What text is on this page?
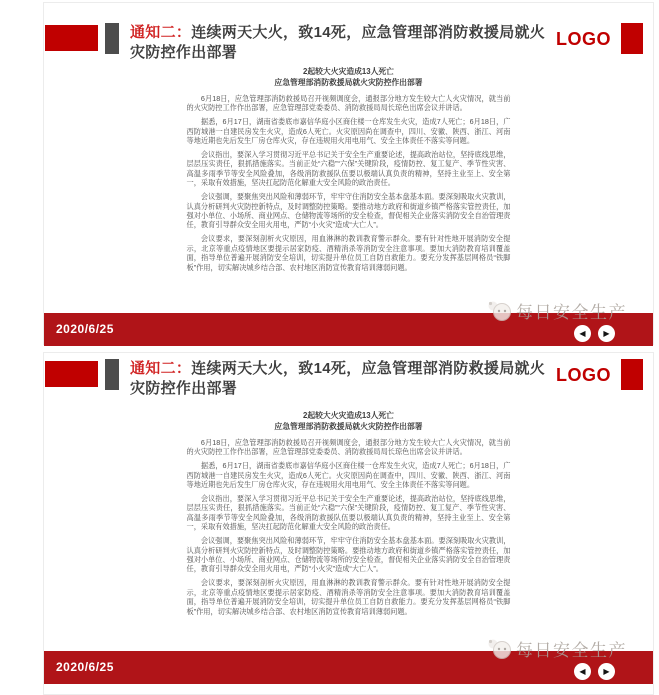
通知二：连续两天大火，致14死，应急管理部消防救援局就火灾防控作出部署
LOGO
2起较大火灾造成13人死亡
应急管理部消防救援局就火灾防控作出部署

6月18日，应急管理部消防救援局召开视频调度会，通报部分地方发生较大亡人火灾情况，就当前的火灾防控工作作出部署，应急管理部党委委员、消防救援局局长琼色出席会议并讲话。

据悉，6月17日，湖南省娄底市嘉信华庭小区商住楼一仓库发生火灾，造成7人死亡；6月18日，广西防城港一自建民房发生火灾，造成6人死亡。火灾原因尚在调查中，四川、安徽、陕西、浙江、河南等地近期也先后发生厂房仓库火灾，存在违规用火用电用气、安全主体责任不落实等问题。

会议指出，要深入学习贯彻习近平总书记关于安全生产重要论述，提高政治站位，坚持底线思维，层层压实责任，狠抓措施落实。当前正处“六稳”“六保”关键阶段，疫情防控、复工复产、季节性灾害、高温多雨季节等安全风险叠加，各级消防救援队伍要以极端认真负责的精神，坚持主业至上、安全第一，采取有效措施，坚决扛起防范化解重大安全风险的政治责任。

会议强调，要聚焦突出风险和薄弱环节，牢牢守住消防安全基本盘基本面。要深刻吸取火灾教训，认真分析研判火灾防控新特点，及时调整防控策略。要推动地方政府和街道乡镇严格落实管控责任，加强对小单位、小场所、商业网点、仓储物流等场所的安全检查，督促相关企业落实消防安全自治管理责任，教育引导群众安全用火用电，严防“小火灾”造成“大亡人”。

会议要求，要深刻剖析火灾原因，用血淋淋的教训教育警示群众。要有针对性地开展消防安全提示，北京等重点疫情地区要提示居家防疫、酒精消杀等消防安全注意事项。要加大消防教育培训覆盖面，指导单位普遍开展消防安全培训，切实提升单位员工自防自救能力。要充分发挥基层网格员“铁脚板”作用，切实解决城乡结合部、农村地区消防宣传教育培训薄弱问题。

每日安全生产
2020/6/25	◀ ▶
通知二：连续两天大火，致14死，应急管理部消防救援局就火灾防控作出部署
LOGO
2起较大火灾造成13人死亡
应急管理部消防救援局就火灾防控作出部署

6月18日，应急管理部消防救援局召开视频调度会，通报部分地方发生较大亡人火灾情况，就当前的火灾防控工作作出部署，应急管理部党委委员、消防救援局局长琼色出席会议并讲话。

据悉，6月17日，湖南省娄底市嘉信华庭小区商住楼一仓库发生火灾，造成7人死亡；6月18日，广西防城港一自建民房发生火灾，造成6人死亡。火灾原因尚在调查中，四川、安徽、陕西、浙江、河南等地近期也先后发生厂房仓库火灾，存在违规用火用电用气、安全主体责任不落实等问题。

会议指出，要深入学习贯彻习近平总书记关于安全生产重要论述，提高政治站位，坚持底线思维，层层压实责任，狠抓措施落实。当前正处“六稳”“六保”关键阶段，疫情防控、复工复产、季节性灾害、高温多雨季节等安全风险叠加，各级消防救援队伍要以极端认真负责的精神，坚持主业至上、安全第一，采取有效措施，坚决扛起防范化解重大安全风险的政治责任。

会议强调，要聚焦突出风险和薄弱环节，牢牢守住消防安全基本盘基本面。要深刻吸取火灾教训，认真分析研判火灾防控新特点，及时调整防控策略。要推动地方政府和街道乡镇严格落实管控责任，加强对小单位、小场所、商业网点、仓储物流等场所的安全检查，督促相关企业落实消防安全自治管理责任，教育引导群众安全用火用电，严防“小火灾”造成“大亡人”。

会议要求，要深刻剖析火灾原因，用血淋淋的教训教育警示群众。要有针对性地开展消防安全提示，北京等重点疫情地区要提示居家防疫、酒精消杀等消防安全注意事项。要加大消防教育培训覆盖面，指导单位普遍开展消防安全培训，切实提升单位员工自防自救能力。要充分发挥基层网格员“铁脚板”作用，切实解决城乡结合部、农村地区消防宣传教育培训薄弱问题。

每日安全生产
2020/6/25	◀ ▶
